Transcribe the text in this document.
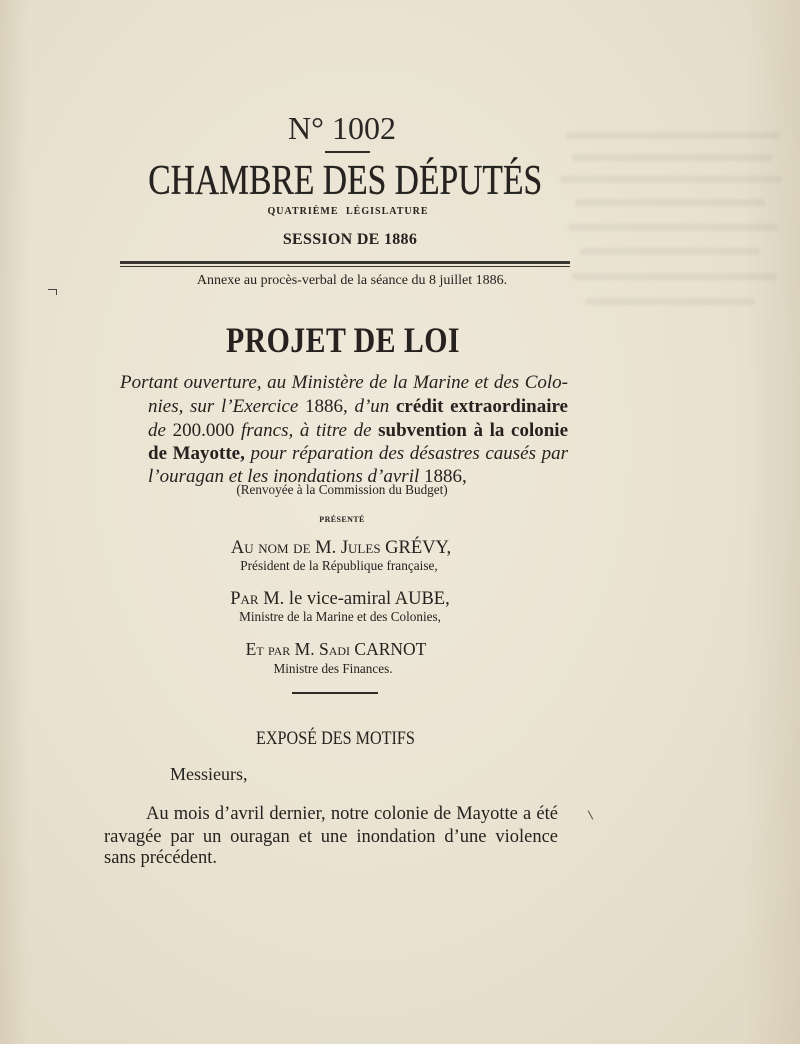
N° 1002
CHAMBRE DES DÉPUTÉS
QUATRIÈME LÉGISLATURE
SESSION DE 1886
Annexe au procès-verbal de la séance du 8 juillet 1886.
PROJET DE LOI
Portant ouverture, au Ministère de la Marine et des Colo-
nies, sur l’Exercice 1886, d’un crédit extraordinaire
de 200.000 francs, à titre de subvention à la colonie
de Mayotte, pour réparation des désastres causés par
l’ouragan et les inondations d’avril 1886,
(Renvoyée à la Commission du Budget)
PRÉSENTÉ
Au nom de M. Jules GRÉVY,
Président de la République française,
Par M. le vice-amiral AUBE,
Ministre de la Marine et des Colonies,
Et par M. Sadi CARNOT
Ministre des Finances.
EXPOSÉ DES MOTIFS
Messieurs,
Au mois d’avril dernier, notre colonie de Mayotte a été
ravagée par un ouragan et une inondation d’une violence
sans précédent.
